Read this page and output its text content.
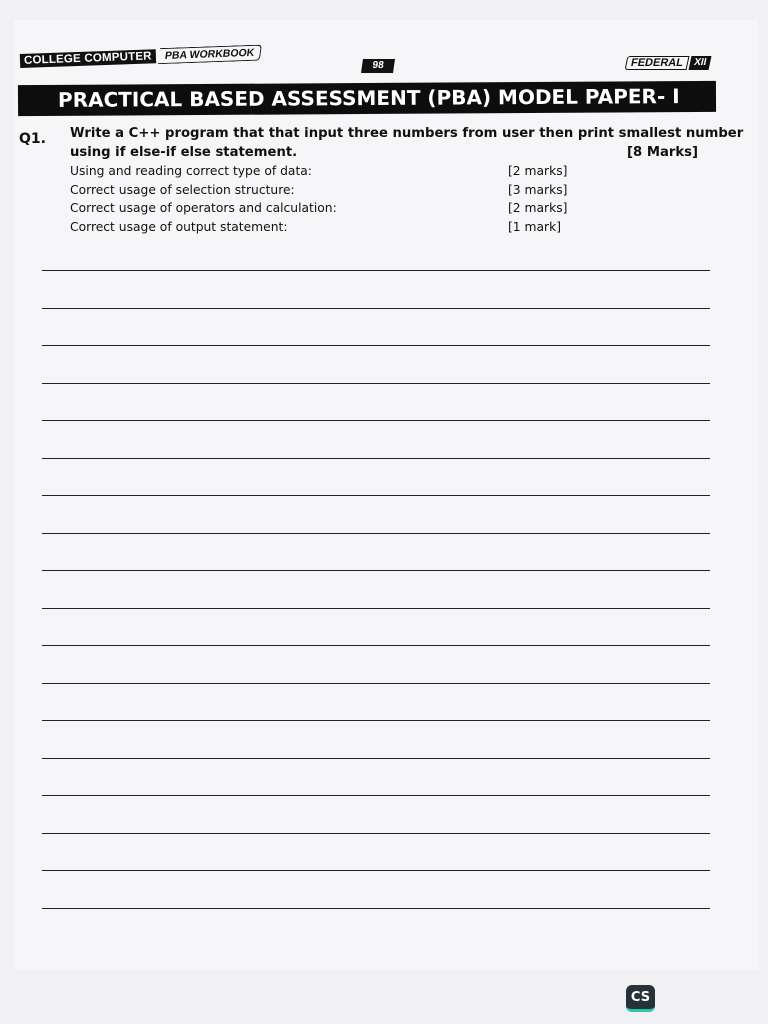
COLLEGE COMPUTER	PBA WORKBOOK
98	FEDERAL XII
PRACTICAL BASED ASSESSMENT (PBA) MODEL PAPER- I
Q1. Write a C++ program that that input three numbers from user then print smallest number
using if else-if else statement.	[8 Marks]
Using and reading correct type of data:	[2 marks]
Correct usage of selection structure:	[3 marks]
Correct usage of operators and calculation:	[2 marks]
Correct usage of output statement:	[1 mark]
CS
